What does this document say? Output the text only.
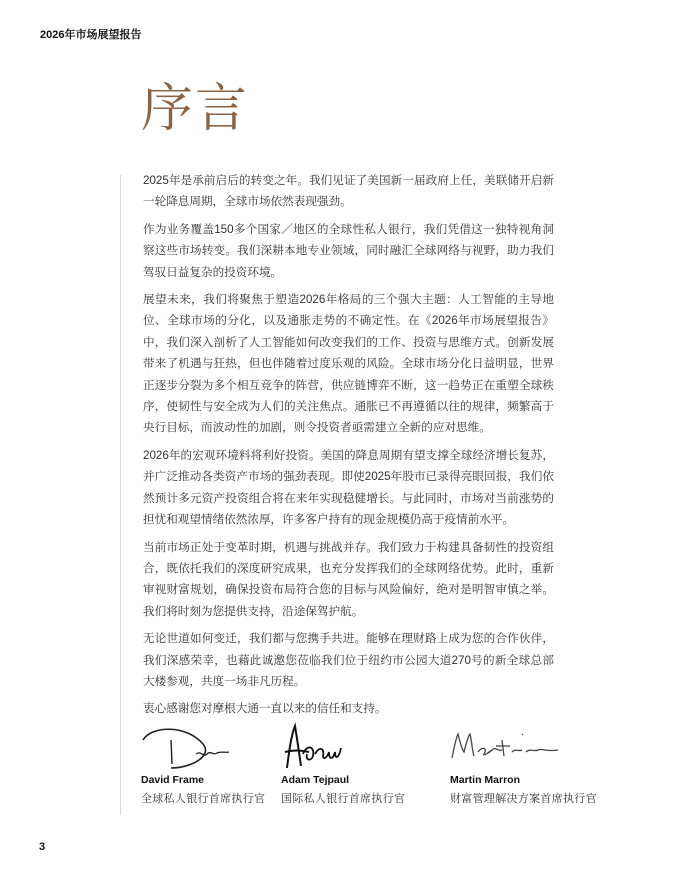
2026年市场展望报告
序言

2025年是承前启后的转变之年。我们见证了美国新一届政府上任，美联储开启新一轮降息周期，全球市场依然表现强劲。

作为业务覆盖150多个国家／地区的全球性私人银行，我们凭借这一独特视角洞察这些市场转变。我们深耕本地专业领域，同时融汇全球网络与视野，助力我们驾驭日益复杂的投资环境。

展望未来，我们将聚焦于塑造2026年格局的三个强大主题：人工智能的主导地位、全球市场的分化，以及通胀走势的不确定性。在《2026年市场展望报告》中，我们深入剖析了人工智能如何改变我们的工作、投资与思维方式。创新发展带来了机遇与狂热，但也伴随着过度乐观的风险。全球市场分化日益明显，世界正逐步分裂为多个相互竞争的阵营，供应链博弈不断，这一趋势正在重塑全球秩序，使韧性与安全成为人们的关注焦点。通胀已不再遵循以往的规律，频繁高于央行目标，而波动性的加剧，则令投资者亟需建立全新的应对思维。

2026年的宏观环境料将利好投资。美国的降息周期有望支撑全球经济增长复苏，并广泛推动各类资产市场的强劲表现。即使2025年股市已录得亮眼回报，我们依然预计多元资产投资组合将在来年实现稳健增长。与此同时，市场对当前涨势的担忧和观望情绪依然浓厚，许多客户持有的现金规模仍高于疫情前水平。

当前市场正处于变革时期，机遇与挑战并存。我们致力于构建具备韧性的投资组合，既依托我们的深度研究成果，也充分发挥我们的全球网络优势。此时，重新审视财富规划，确保投资布局符合您的目标与风险偏好，绝对是明智审慎之举。我们将时刻为您提供支持，沿途保驾护航。

无论世道如何变迁，我们都与您携手共进。能够在理财路上成为您的合作伙伴，我们深感荣幸，也藉此诚邀您莅临我们位于纽约市公园大道270号的新全球总部大楼参观，共度一场非凡历程。

衷心感谢您对摩根大通一直以来的信任和支持。

David Frame
全球私人银行首席执行官
Adam Tejpaul
国际私人银行首席执行官
Martin Marron
财富管理解决方案首席执行官
3
